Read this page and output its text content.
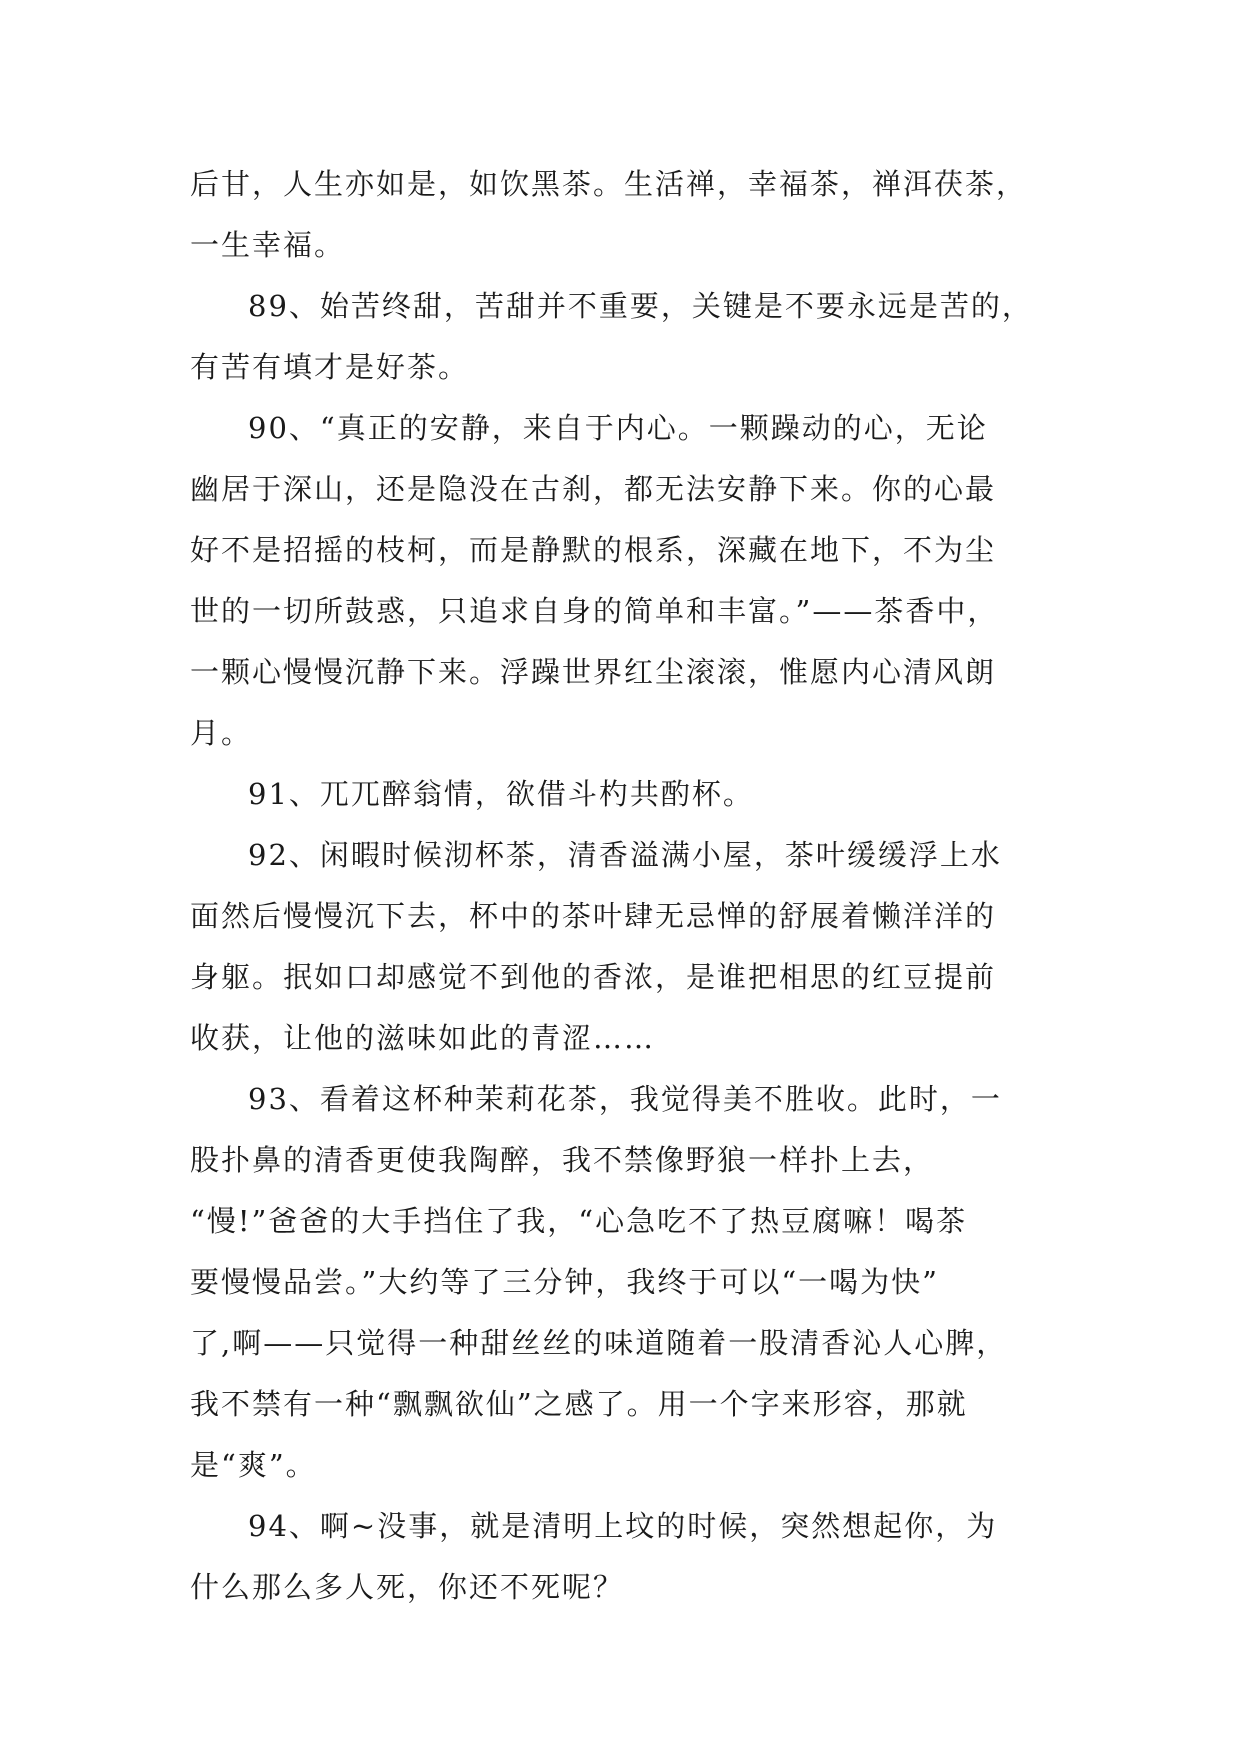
后甘，人生亦如是，如饮黑茶。生活禅，幸福茶，禅洱茯茶，
一生幸福。
89、始苦终甜，苦甜并不重要，关键是不要永远是苦的，
有苦有填才是好茶。
90、“真正的安静，来自于内心。一颗躁动的心，无论
幽居于深山，还是隐没在古刹，都无法安静下来。你的心最
好不是招摇的枝柯，而是静默的根系，深藏在地下，不为尘
世的一切所鼓惑，只追求自身的简单和丰富。”——茶香中，
一颗心慢慢沉静下来。浮躁世界红尘滚滚，惟愿内心清风朗
月。
91、兀兀醉翁情，欲借斗杓共酌杯。
92、闲暇时候沏杯茶，清香溢满小屋，茶叶缓缓浮上水
面然后慢慢沉下去，杯中的茶叶肆无忌惮的舒展着懒洋洋的
身躯。抿如口却感觉不到他的香浓，是谁把相思的红豆提前
收获，让他的滋味如此的青涩……
93、看着这杯种茉莉花茶，我觉得美不胜收。此时，一
股扑鼻的清香更使我陶醉，我不禁像野狼一样扑上去，
“慢!”爸爸的大手挡住了我，“心急吃不了热豆腐嘛！喝茶
要慢慢品尝。”大约等了三分钟，我终于可以“一喝为快”
了,啊——只觉得一种甜丝丝的味道随着一股清香沁人心脾，
我不禁有一种“飘飘欲仙”之感了。用一个字来形容，那就
是“爽”。
94、啊~没事，就是清明上坟的时候，突然想起你，为
什么那么多人死，你还不死呢？
